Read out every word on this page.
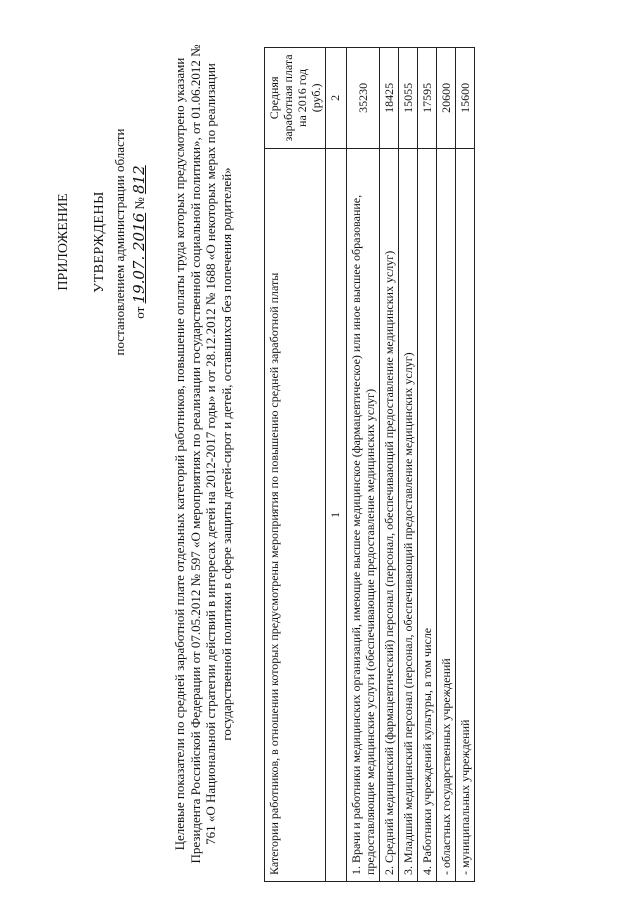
ПРИЛОЖЕНИЕ УТВЕРЖДЕНЫ постановлением администрации области от 19.07. 2016 № 812 Целевые показатели по средней заработной плате отдельных категорий работников, повышение оплаты труда которых предусмотрено указами Президента Российской Федерации от 07.05.2012 № 597 «О мероприятиях по реализации государственной социальной политики», от 01.06.2012 № 761 «О Национальной стратегии действий в интересах детей на 2012-2017 годы» и от 28.12.2012 № 1688 «О некоторых мерах по реализации государственной политики в сфере защиты детей-сирот и детей, оставшихся без попечения родителей»	Категории работников, в отношении которых предусмотрены мероприятия по повышению средней заработной платы	Средняя заработная плата на 2016 год (руб.)
1	2
1. Врачи и работники медицинских организаций, имеющие высшее медицинское (фармацевтическое) или иное высшее образование, предоставляющие медицинские услуги (обеспечивающие предоставление медицинских услуг)	35230
2. Средний медицинский (фармацевтический) персонал (персонал, обеспечивающий предоставление медицинских услуг)	18425
3. Младший медицинский персонал (персонал, обеспечивающий предоставление медицинских услуг)	15055
4. Работники учреждений культуры, в том числе	17595
- областных государственных учреждений	20600
- муниципальных учреждений	15600
